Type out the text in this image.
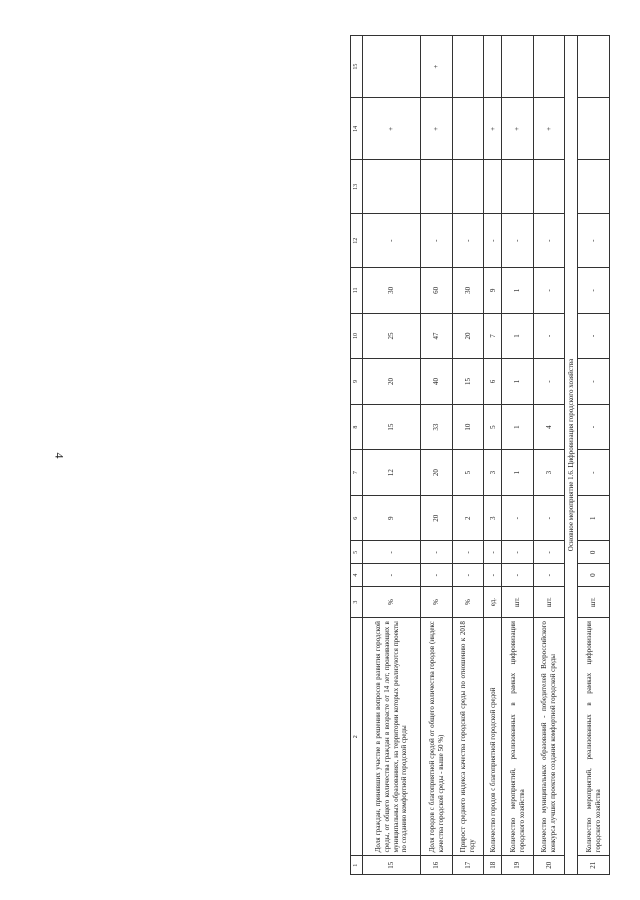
4
1	2	3	4	5	6	7	8	9	10	11	12	13	14	15
15	Доля граждан, принявших участие в решении вопросов развития городской среды, от общего количества граждан в возрасте от 14 лет, проживающих в муниципальных образованиях, на территории которых реализуются проекты по созданию комфортной городской среды	%	-	-	9	12	15	20	25	30	-		+	
16	Доля городов с благоприятной средой от общего количества городов (индекс качества городской среды - выше 50 %)	%	-	-	20	20	33	40	47	60	-		+	+
17	Прирост среднего индекса качества городской среды по отношению к 2018 году	%	-	-	2	5	10	15	20	30	-			
18	Количество городов с благоприятной городской средой	ед.	-	-	3	3	5	6	7	9	-		+	
19	Количество мероприятий, реализованных в рамках цифровизации городского хозяйства	шт.	-	-	-	1	1	1	1	1	-		+	
20	Количество муниципальных образований - победителей Всероссийского конкурса лучших проектов создания комфортной городской среды	шт.	-	-	-	3	4	-	-	-	-		+	
Основное мероприятие 1.6. Цифровизация городского хозяйства														
21	Количество мероприятий, реализованных в рамках цифровизации городского хозяйства	шт.	0	0	1	-	-	-	-	-	-			
